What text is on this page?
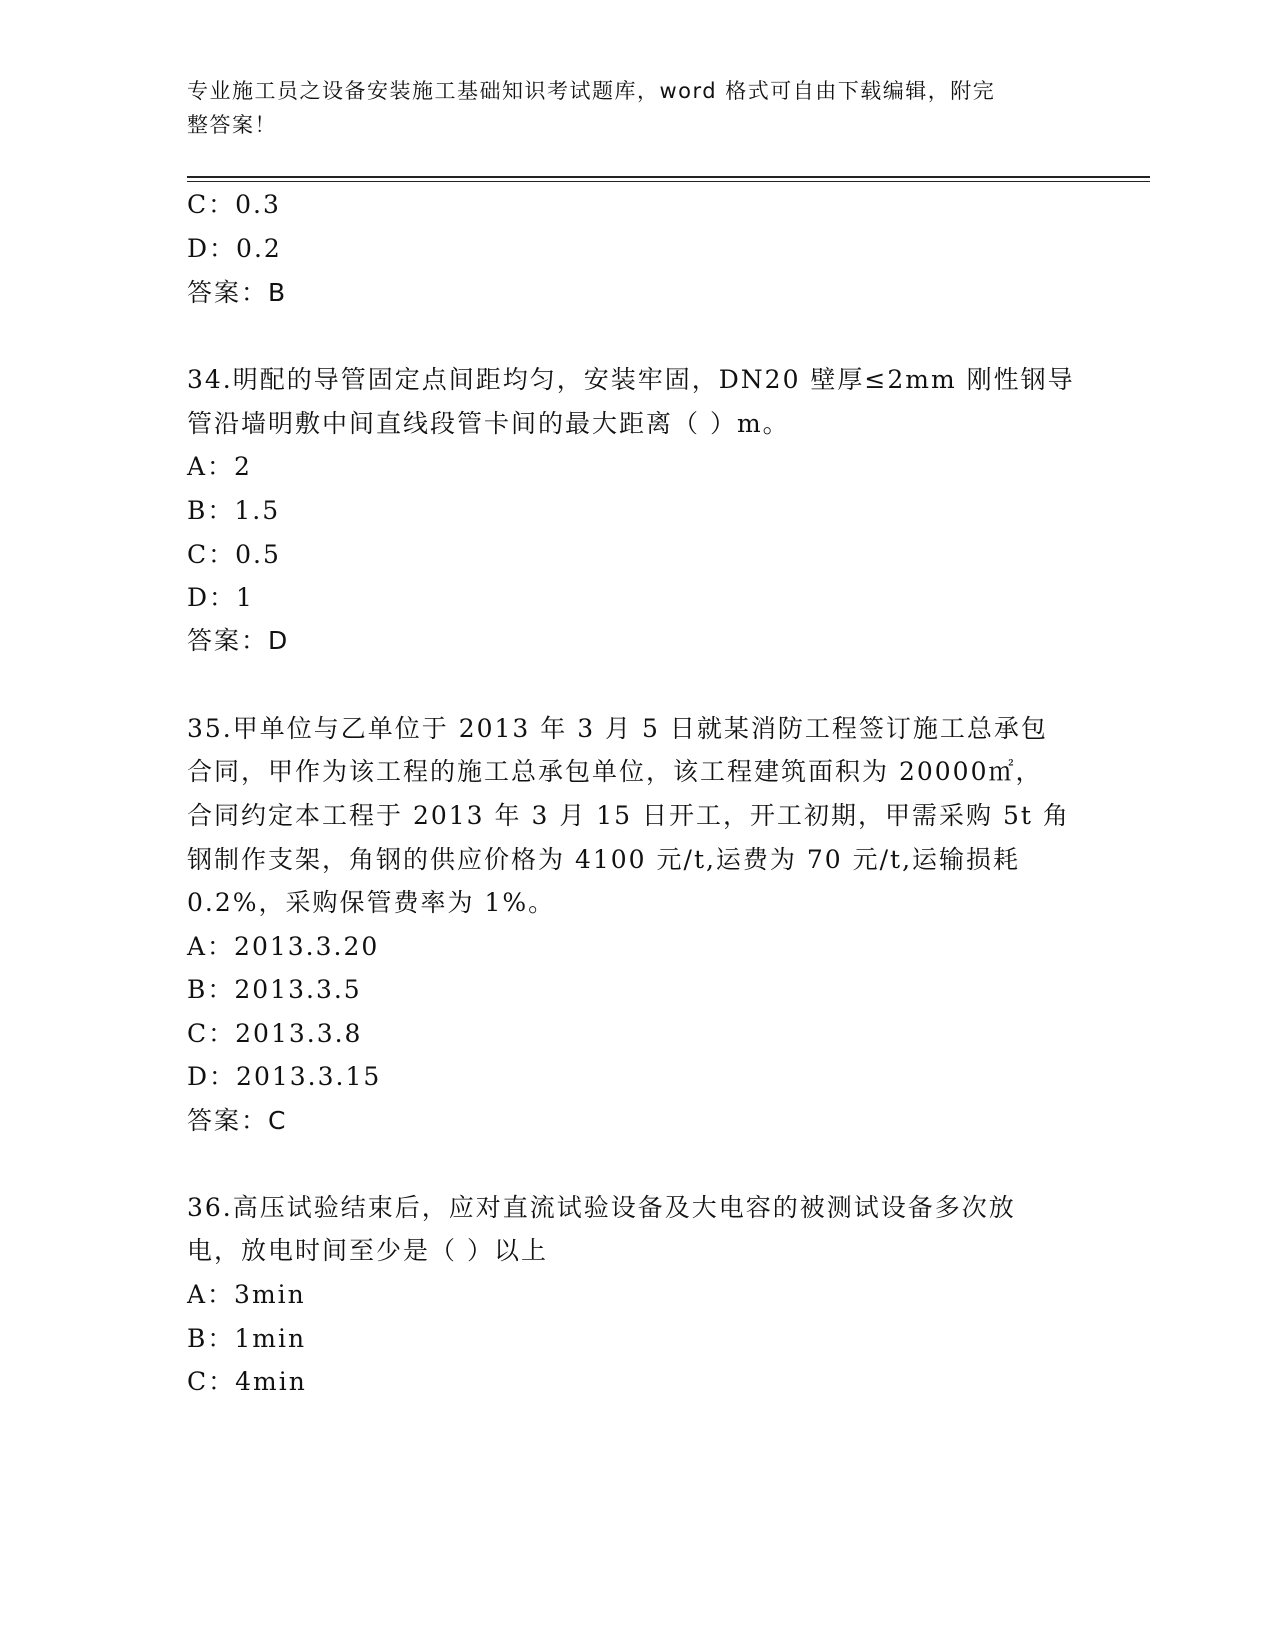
专业施工员之设备安装施工基础知识考试题库，word 格式可自由下载编辑，附完
整答案！
C：0.3
D：0.2
答案：B
34.明配的导管固定点间距均匀，安装牢固，DN20 壁厚≤2mm 刚性钢导
管沿墙明敷中间直线段管卡间的最大距离（ ）m。
A：2
B：1.5
C：0.5
D：1
答案：D
35.甲单位与乙单位于 2013 年 3 月 5 日就某消防工程签订施工总承包
合同，甲作为该工程的施工总承包单位，该工程建筑面积为 20000㎡，
合同约定本工程于 2013 年 3 月 15 日开工，开工初期，甲需采购 5t 角
钢制作支架，角钢的供应价格为 4100 元/t,运费为 70 元/t,运输损耗
0.2%，采购保管费率为 1%。
A：2013.3.20
B：2013.3.5
C：2013.3.8
D：2013.3.15
答案：C
36.高压试验结束后，应对直流试验设备及大电容的被测试设备多次放
电，放电时间至少是（ ）以上
A：3min
B：1min
C：4min
